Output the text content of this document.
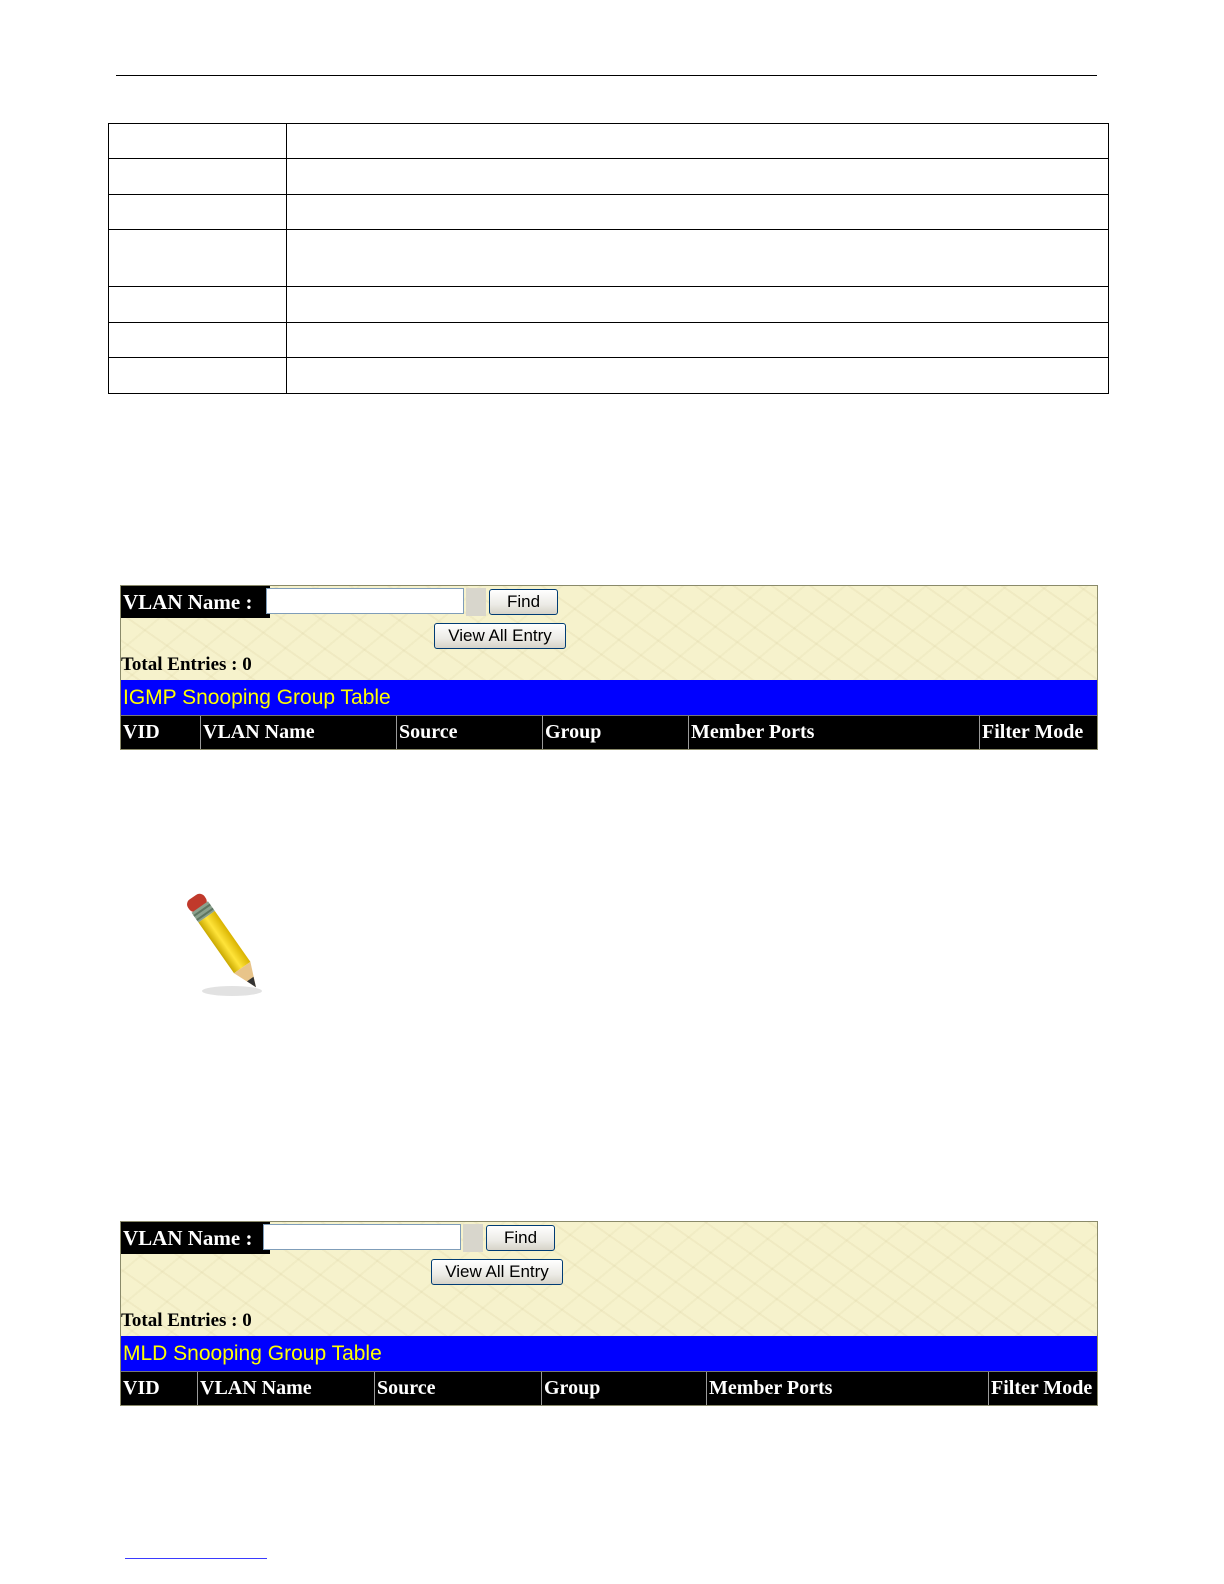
VLAN Name :	Find
View All Entry
Total Entries : 0
IGMP Snooping Group Table
VID	VLAN Name	Source	Group	Member Ports	Filter Mode
VLAN Name :	Find
View All Entry
Total Entries : 0
MLD Snooping Group Table
VID	VLAN Name	Source	Group	Member Ports	Filter Mode
